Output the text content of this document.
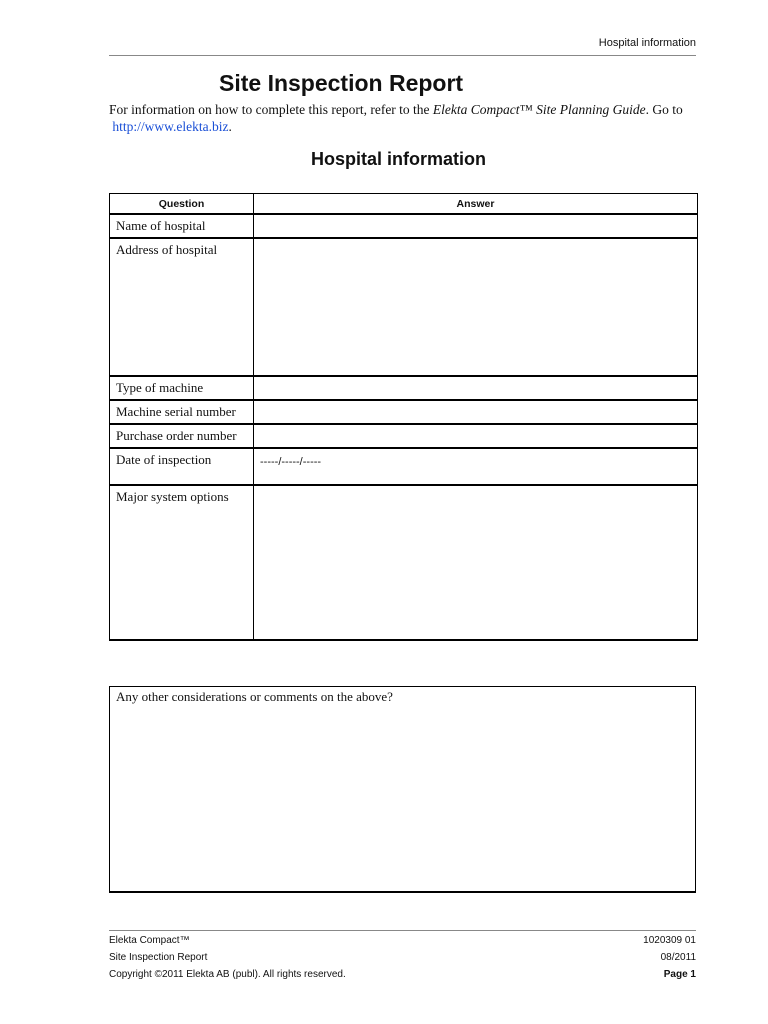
Hospital information
Site Inspection Report
For information on how to complete this report, refer to the Elekta Compact™ Site Planning Guide. Go to  http://www.elekta.biz.
Hospital information
Question	Answer
Name of hospital	
Address of hospital	
Type of machine	
Machine serial number	
Purchase order number	
Date of inspection	-----/-----/-----

Major system options	
Any other considerations or comments on the above?
Elekta Compact™	1020309 01
Site Inspection Report	08/2011
Copyright ©2011 Elekta AB (publ). All rights reserved.	Page 1
